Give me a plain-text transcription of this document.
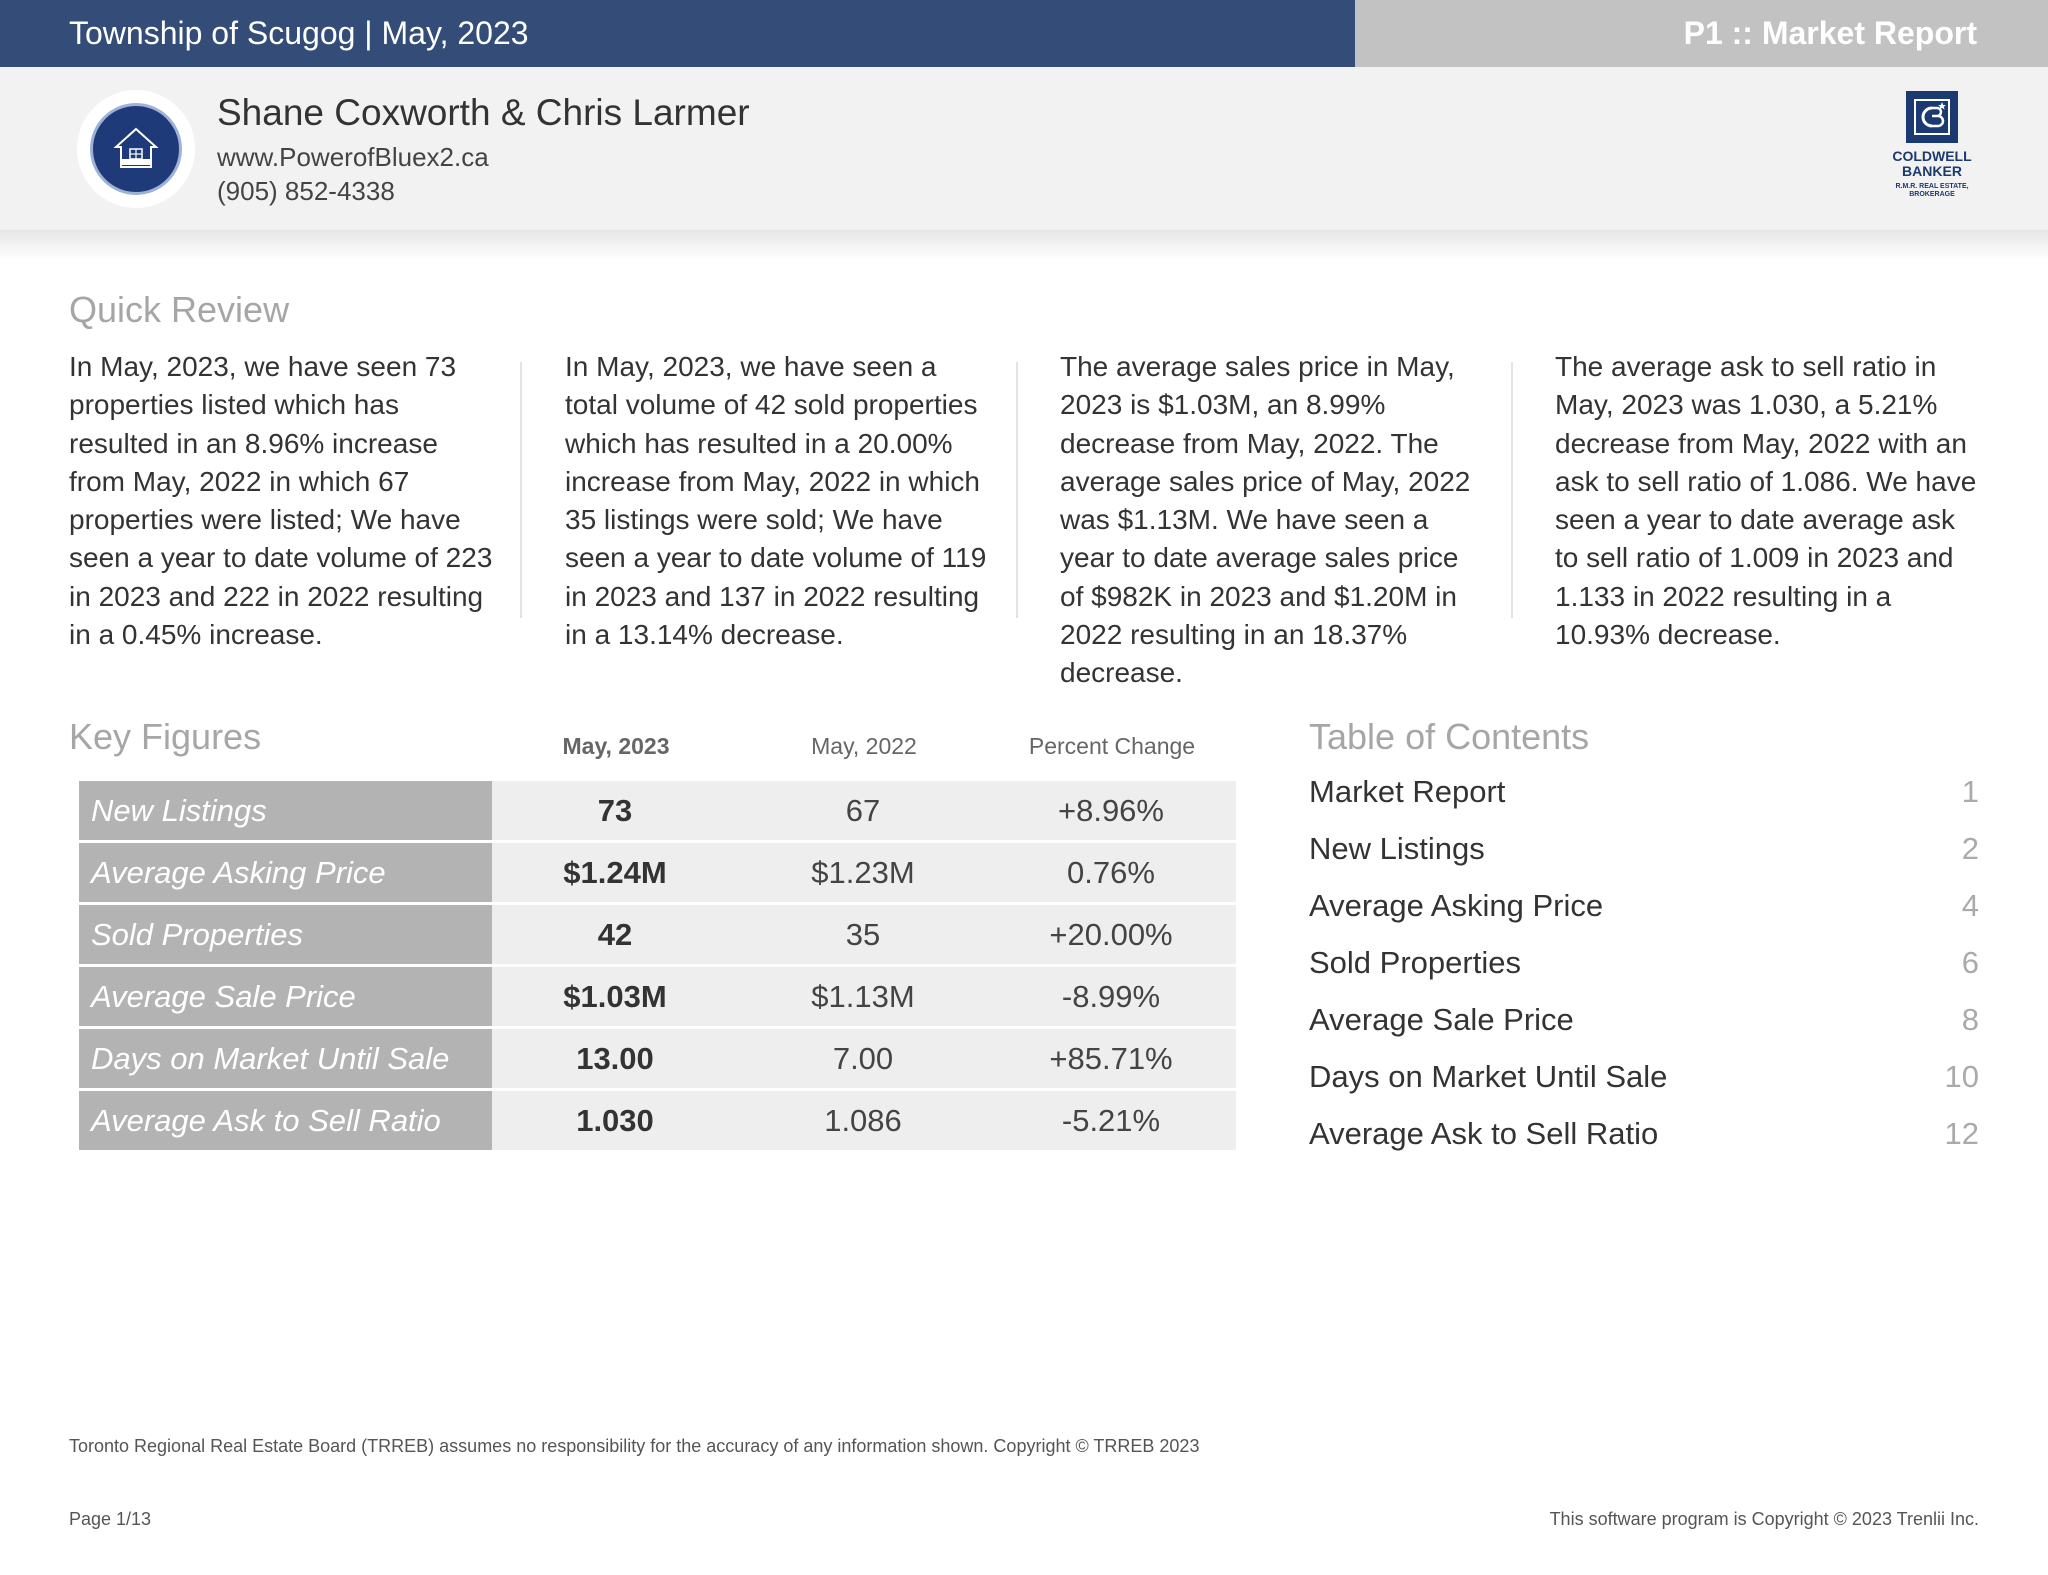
Township of Scugog | May, 2023	P1 :: Market Report
Shane Coxworth & Chris Larmer
www.PowerofBluex2.ca
(905) 852-4338
COLDWELL
BANKER
R.M.R. REAL ESTATE,
BROKERAGE
Quick Review
In May, 2023, we have seen 73 properties listed which has resulted in an 8.96% increase from May, 2022 in which 67 properties were listed; We have seen a year to date volume of 223 in 2023 and 222 in 2022 resulting in a 0.45% increase.
In May, 2023, we have seen a total volume of 42 sold properties which has resulted in a 20.00% increase from May, 2022 in which 35 listings were sold; We have seen a year to date volume of 119 in 2023 and 137 in 2022 resulting in a 13.14% decrease.
The average sales price in May, 2023 is $1.03M, an 8.99% decrease from May, 2022. The average sales price of May, 2022 was $1.13M. We have seen a year to date average sales price of $982K in 2023 and $1.20M in 2022 resulting in an 18.37% decrease.
The average ask to sell ratio in May, 2023 was 1.030, a 5.21% decrease from May, 2022 with an ask to sell ratio of 1.086. We have seen a year to date average ask to sell ratio of 1.009 in 2023 and 1.133 in 2022 resulting in a 10.93% decrease.
Key Figures	May, 2023	May, 2022	Percent Change
New Listings	73	67	+8.96%
Average Asking Price	$1.24M	$1.23M	0.76%
Sold Properties	42	35	+20.00%
Average Sale Price	$1.03M	$1.13M	-8.99%
Days on Market Until Sale	13.00	7.00	+85.71%
Average Ask to Sell Ratio	1.030	1.086	-5.21%
Table of Contents
Market Report	1
New Listings	2
Average Asking Price	4
Sold Properties	6
Average Sale Price	8
Days on Market Until Sale	10
Average Ask to Sell Ratio	12
Toronto Regional Real Estate Board (TRREB) assumes no responsibility for the accuracy of any information shown. Copyright © TRREB 2023
Page 1/13	This software program is Copyright © 2023 Trenlii Inc.
